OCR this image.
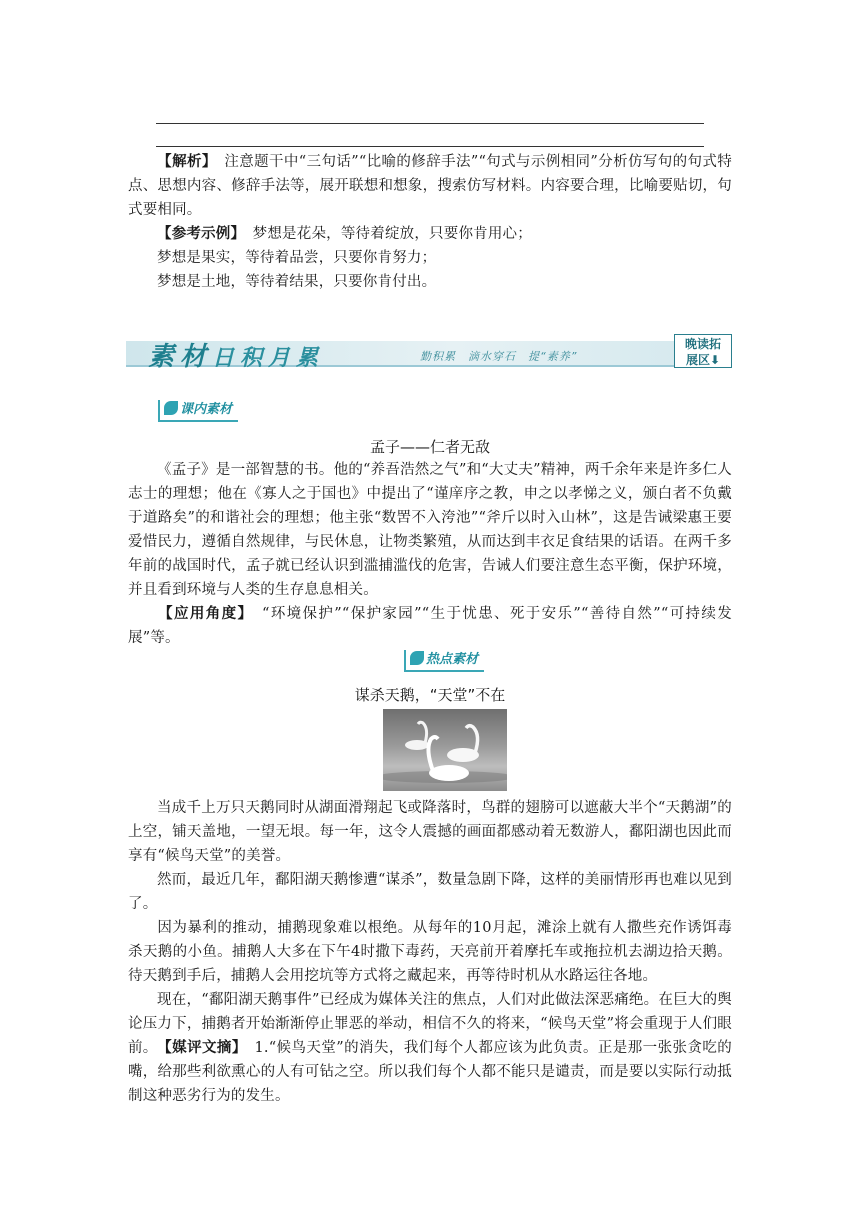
【解析】　 注意题干中“三句话”“比喻的修辞手法”“句式与示例相同”分析仿写句的句式特点、思想内容、修辞手法等，展开联想和想象，搜索仿写材料。内容要合理，比喻要贴切，句式要相同。
【参考示例】　 梦想是花朵，等待着绽放，只要你肯用心；
梦想是果实，等待着品尝，只要你肯努力；
梦想是土地，等待着结果，只要你肯付出。
素材日积月累	勤积累　滴水穿石　提“素养”
晚读拓
展区⬇
课内素材
孟子——仁者无敌
《孟子》是一部智慧的书。他的“养吾浩然之气”和“大丈夫”精神，两千余年来是许多仁人志士的理想；他在《寡人之于国也》中提出了“谨庠序之教，申之以孝悌之义，颁白者不负戴于道路矣”的和谐社会的理想；他主张“数罟不入洿池”“斧斤以时入山林”，这是告诫梁惠王要爱惜民力，遵循自然规律，与民休息，让物类繁殖，从而达到丰衣足食结果的话语。在两千多年前的战国时代，孟子就已经认识到滥捕滥伐的危害，告诫人们要注意生态平衡，保护环境，并且看到环境与人类的生存息息相关。
【应用角度】　 “环境保护”“保护家园”“生于忧患、死于安乐”“善待自然”“可持续发展”等。
热点素材
谋杀天鹅，“天堂”不在
当成千上万只天鹅同时从湖面滑翔起飞或降落时，鸟群的翅膀可以遮蔽大半个“天鹅湖”的上空，铺天盖地，一望无垠。每一年，这令人震撼的画面都感动着无数游人，鄱阳湖也因此而享有“候鸟天堂”的美誉。
然而，最近几年，鄱阳湖天鹅惨遭“谋杀”，数量急剧下降，这样的美丽情形再也难以见到了。
因为暴利的推动，捕鹅现象难以根绝。从每年的10月起，滩涂上就有人撒些充作诱饵毒杀天鹅的小鱼。捕鹅人大多在下午4时撒下毒药，天亮前开着摩托车或拖拉机去湖边拾天鹅。待天鹅到手后，捕鹅人会用挖坑等方式将之藏起来，再等待时机从水路运往各地。
现在，“鄱阳湖天鹅事件”已经成为媒体关注的焦点，人们对此做法深恶痛绝。在巨大的舆论压力下，捕鹅者开始渐渐停止罪恶的举动，相信不久的将来，“候鸟天堂”将会重现于人们眼前。 【媒评文摘】　 1.“候鸟天堂”的消失，我们每个人都应该为此负责。正是那一张张贪吃的嘴，给那些利欲熏心的人有可钻之空。所以我们每个人都不能只是谴责，而是要以实际行动抵制这种恶劣行为的发生。
